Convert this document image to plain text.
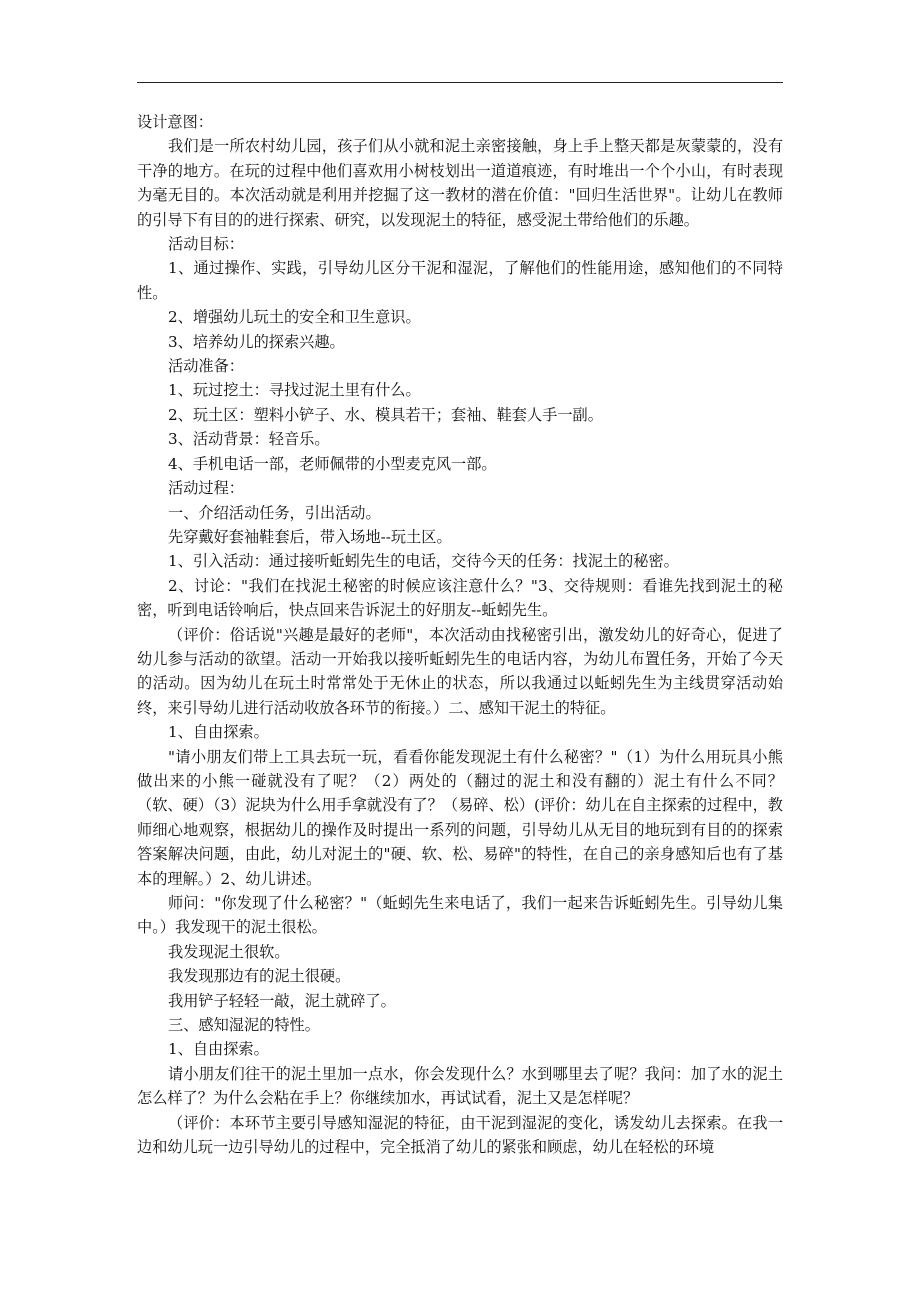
设计意图：

我们是一所农村幼儿园，孩子们从小就和泥土亲密接触，身上手上整天都是灰蒙蒙的，没有干净的地方。在玩的过程中他们喜欢用小树枝划出一道道痕迹，有时堆出一个个小山，有时表现为毫无目的。本次活动就是利用并挖掘了这一教材的潜在价值："回归生活世界"。让幼儿在教师的引导下有目的的进行探索、研究，以发现泥土的特征，感受泥土带给他们的乐趣。

活动目标：

1、通过操作、实践，引导幼儿区分干泥和湿泥，了解他们的性能用途，感知他们的不同特性。

2、增强幼儿玩土的安全和卫生意识。

3、培养幼儿的探索兴趣。

活动准备：

1、玩过挖土：寻找过泥土里有什么。

2、玩土区：塑料小铲子、水、模具若干；套袖、鞋套人手一副。

3、活动背景：轻音乐。

4、手机电话一部，老师佩带的小型麦克风一部。

活动过程：

一、介绍活动任务，引出活动。

先穿戴好套袖鞋套后，带入场地--玩土区。

1、引入活动：通过接听蚯蚓先生的电话，交待今天的任务：找泥土的秘密。

2、讨论："我们在找泥土秘密的时候应该注意什么？"3、交待规则：看谁先找到泥土的秘密，听到电话铃响后，快点回来告诉泥土的好朋友--蚯蚓先生。

（评价：俗话说"兴趣是最好的老师"，本次活动由找秘密引出，激发幼儿的好奇心，促进了幼儿参与活动的欲望。活动一开始我以接听蚯蚓先生的电话内容，为幼儿布置任务，开始了今天的活动。因为幼儿在玩土时常常处于无休止的状态，所以我通过以蚯蚓先生为主线贯穿活动始终，来引导幼儿进行活动收放各环节的衔接。）二、感知干泥土的特征。

1、自由探索。

"请小朋友们带上工具去玩一玩，看看你能发现泥土有什么秘密？"（1）为什么用玩具小熊做出来的小熊一碰就没有了呢？（2）两处的（翻过的泥土和没有翻的）泥土有什么不同？（软、硬）（3）泥块为什么用手拿就没有了？（易碎、松）(评价：幼儿在自主探索的过程中，教师细心地观察，根据幼儿的操作及时提出一系列的问题，引导幼儿从无目的地玩到有目的的探索答案解决问题，由此，幼儿对泥土的"硬、软、松、易碎"的特性，在自己的亲身感知后也有了基本的理解。）2、幼儿讲述。

师问："你发现了什么秘密？"（蚯蚓先生来电话了，我们一起来告诉蚯蚓先生。引导幼儿集中。）我发现干的泥土很松。

我发现泥土很软。

我发现那边有的泥土很硬。

我用铲子轻轻一敲，泥土就碎了。

三、感知湿泥的特性。

1、自由探索。

请小朋友们往干的泥土里加一点水，你会发现什么？水到哪里去了呢？我问：加了水的泥土怎么样了？为什么会粘在手上？你继续加水，再试试看，泥土又是怎样呢？

（评价：本环节主要引导感知湿泥的特征，由干泥到湿泥的变化，诱发幼儿去探索。在我一边和幼儿玩一边引导幼儿的过程中，完全抵消了幼儿的紧张和顾虑，幼儿在轻松的环境
